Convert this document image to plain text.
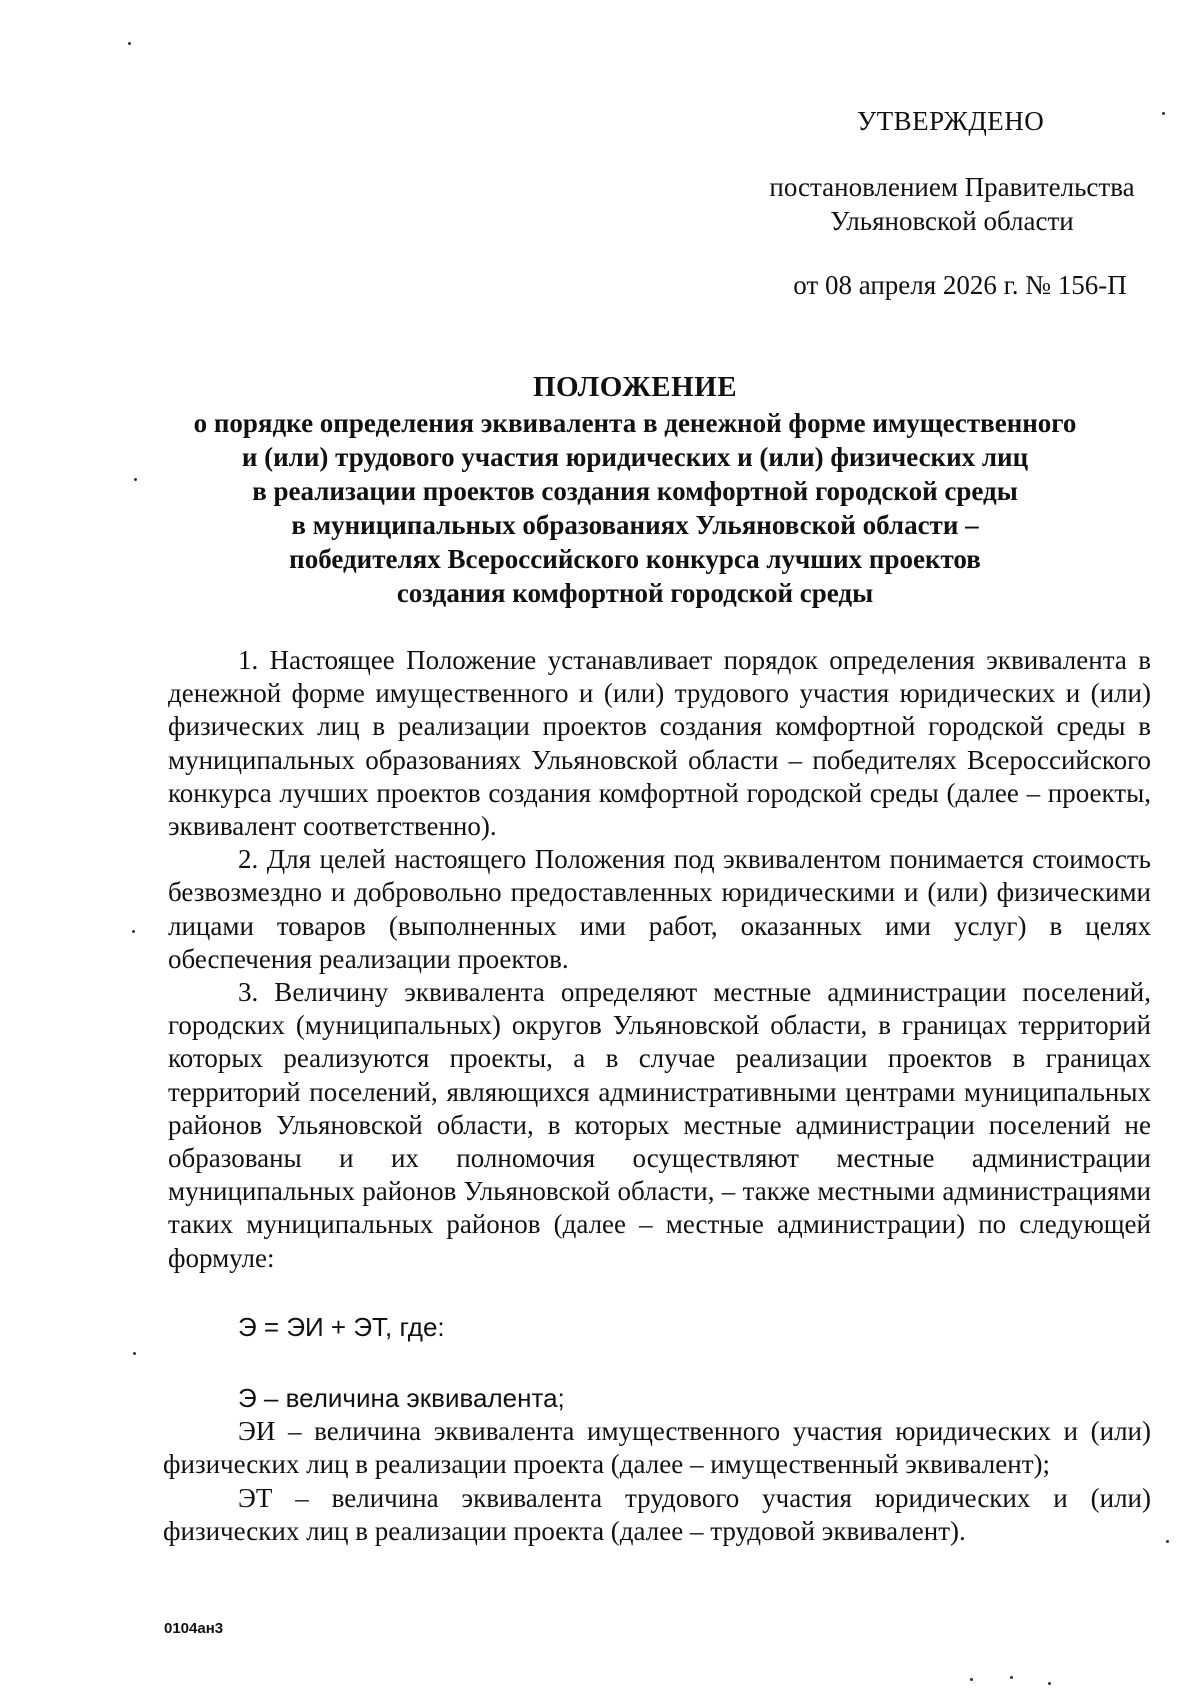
УТВЕРЖДЕНО
постановлением Правительства
Ульяновской области
от 08 апреля 2026 г. № 156-П
ПОЛОЖЕНИЕ
о порядке определения эквивалента в денежной форме имущественного
и (или) трудового участия юридических и (или) физических лиц
в реализации проектов создания комфортной городской среды
в муниципальных образованиях Ульяновской области –
победителях Всероссийского конкурса лучших проектов
создания комфортной городской среды

1. Настоящее Положение устанавливает порядок определения эквивалента в денежной форме имущественного и (или) трудового участия юридических и (или) физических лиц в реализации проектов создания комфортной городской среды в муниципальных образованиях Ульяновской области – победителях Всероссийского конкурса лучших проектов создания комфортной городской среды (далее – проекты, эквивалент соответственно).

2. Для целей настоящего Положения под эквивалентом понимается стоимость безвозмездно и добровольно предоставленных юридическими и (или) физическими лицами товаров (выполненных ими работ, оказанных ими услуг) в целях обеспечения реализации проектов.

3. Величину эквивалента определяют местные администрации поселений, городских (муниципальных) округов Ульяновской области, в границах территорий которых реализуются проекты, а в случае реализации проектов в границах территорий поселений, являющихся административными центрами муниципальных районов Ульяновской области, в которых местные администрации поселений не образованы и их полномочия осуществляют местные администрации муниципальных районов Ульяновской области, – также местными администрациями таких муниципальных районов (далее – местные администрации) по следующей формуле:

Э = ЭИ + ЭТ, где:

Э – величина эквивалента;

ЭИ – величина эквивалента имущественного участия юридических и (или) физических лиц в реализации проекта (далее – имущественный эквивалент);

ЭТ – величина эквивалента трудового участия юридических и (или) физических лиц в реализации проекта (далее – трудовой эквивалент).

0104ан3
